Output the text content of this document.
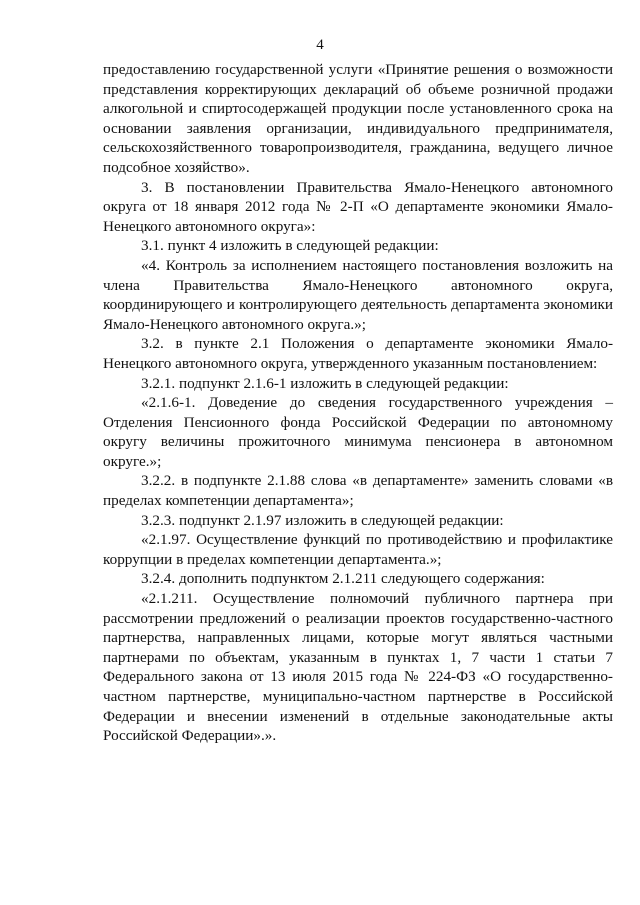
4

предоставлению государственной услуги «Принятие решения о возможности представления корректирующих деклараций об объеме розничной продажи алкогольной и спиртосодержащей продукции после установленного срока на основании заявления организации, индивидуального предпринимателя, сельскохозяйственного товаропроизводителя, гражданина, ведущего личное подсобное хозяйство».

3. В постановлении Правительства Ямало-Ненецкого автономного округа от 18 января 2012 года № 2-П «О департаменте экономики Ямало-Ненецкого автономного округа»:

3.1. пункт 4 изложить в следующей редакции:

«4. Контроль за исполнением настоящего постановления возложить на члена Правительства Ямало-Ненецкого автономного округа, координирующего и контролирующего деятельность департамента экономики Ямало-Ненецкого автономного округа.»;

3.2. в пункте 2.1 Положения о департаменте экономики Ямало-Ненецкого автономного округа, утвержденного указанным постановлением:

3.2.1. подпункт 2.1.6-1 изложить в следующей редакции:

«2.1.6-1. Доведение до сведения государственного учреждения – Отделения Пенсионного фонда Российской Федерации по автономному округу величины прожиточного минимума пенсионера в автономном округе.»;

3.2.2. в подпункте 2.1.88 слова «в департаменте» заменить словами «в пределах компетенции департамента»;

3.2.3. подпункт 2.1.97 изложить в следующей редакции:

«2.1.97. Осуществление функций по противодействию и профилактике коррупции в пределах компетенции департамента.»;

3.2.4. дополнить подпунктом 2.1.211 следующего содержания:

«2.1.211. Осуществление полномочий публичного партнера при рассмотрении предложений о реализации проектов государственно-частного партнерства, направленных лицами, которые могут являться частными партнерами по объектам, указанным в пунктах 1, 7 части 1 статьи 7 Федерального закона от 13 июля 2015 года № 224-ФЗ «О государственно-частном партнерстве, муниципально-частном партнерстве в Российской Федерации и внесении изменений в отдельные законодательные акты Российской Федерации».».
